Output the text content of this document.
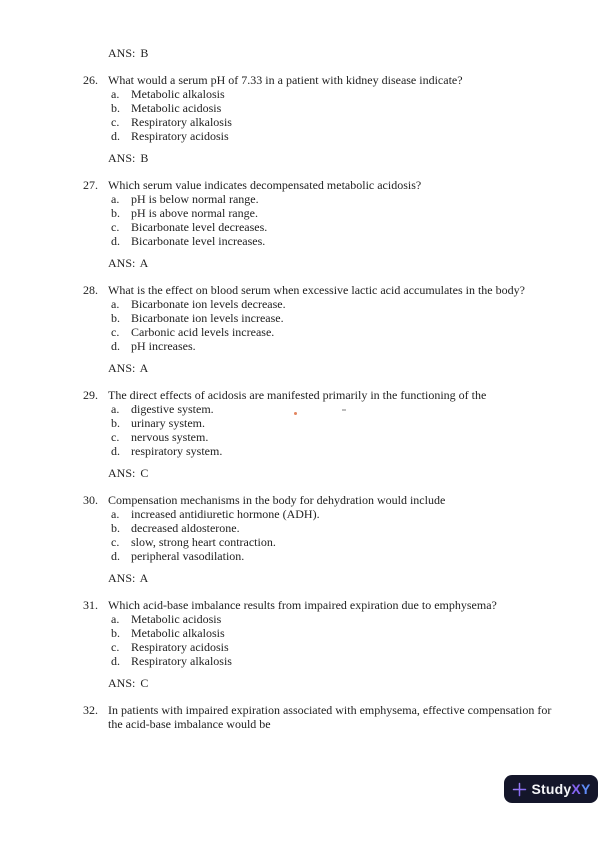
ANS: B
26. What would a serum pH of 7.33 in a patient with kidney disease indicate?
a. Metabolic alkalosis
b. Metabolic acidosis
c. Respiratory alkalosis
d. Respiratory acidosis
ANS: B
27. Which serum value indicates decompensated metabolic acidosis?
a. pH is below normal range.
b. pH is above normal range.
c. Bicarbonate level decreases.
d. Bicarbonate level increases.
ANS: A
28. What is the effect on blood serum when excessive lactic acid accumulates in the body?
a. Bicarbonate ion levels decrease.
b. Bicarbonate ion levels increase.
c. Carbonic acid levels increase.
d. pH increases.
ANS: A
29. The direct effects of acidosis are manifested primarily in the functioning of the
a. digestive system.
b. urinary system.
c. nervous system.
d. respiratory system.
ANS: C
30. Compensation mechanisms in the body for dehydration would include
a. increased antidiuretic hormone (ADH).
b. decreased aldosterone.
c. slow, strong heart contraction.
d. peripheral vasodilation.
ANS: A
31. Which acid-base imbalance results from impaired expiration due to emphysema?
a. Metabolic acidosis
b. Metabolic alkalosis
c. Respiratory acidosis
d. Respiratory alkalosis
ANS: C
32. In patients with impaired expiration associated with emphysema, effective compensation for the acid-base imbalance would be
StudyXY
